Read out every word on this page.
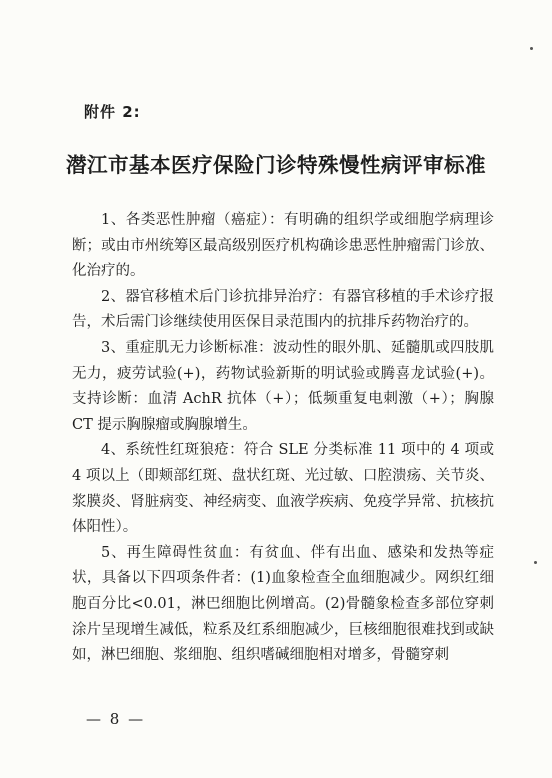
附件 2:
潜江市基本医疗保险门诊特殊慢性病评审标准

1、各类恶性肿瘤（癌症）：有明确的组织学或细胞学病理诊断；或由市州统筹区最高级别医疗机构确诊患恶性肿瘤需门诊放、化治疗的。

2、器官移植术后门诊抗排异治疗：有器官移植的手术诊疗报告，术后需门诊继续使用医保目录范围内的抗排斥药物治疗的。

3、重症肌无力诊断标准：波动性的眼外肌、延髓肌或四肢肌无力，疲劳试验(+)，药物试验新斯的明试验或腾喜龙试验(+)。支持诊断：血清 AchR 抗体（+）；低频重复电刺激（+）；胸腺 CT 提示胸腺瘤或胸腺增生。

4、系统性红斑狼疮：符合 SLE 分类标准 11 项中的 4 项或 4 项以上（即颊部红斑、盘状红斑、光过敏、口腔溃疡、关节炎、浆膜炎、肾脏病变、神经病变、血液学疾病、免疫学异常、抗核抗体阳性）。

5、再生障碍性贫血：有贫血、伴有出血、感染和发热等症状，具备以下四项条件者：(1)血象检查全血细胞减少。网织红细胞百分比<0.01，淋巴细胞比例增高。(2)骨髓象检查多部位穿刺涂片呈现增生减低，粒系及红系细胞减少，巨核细胞很难找到或缺如，淋巴细胞、浆细胞、组织嗜碱细胞相对增多，骨髓穿刺

— 8 —
